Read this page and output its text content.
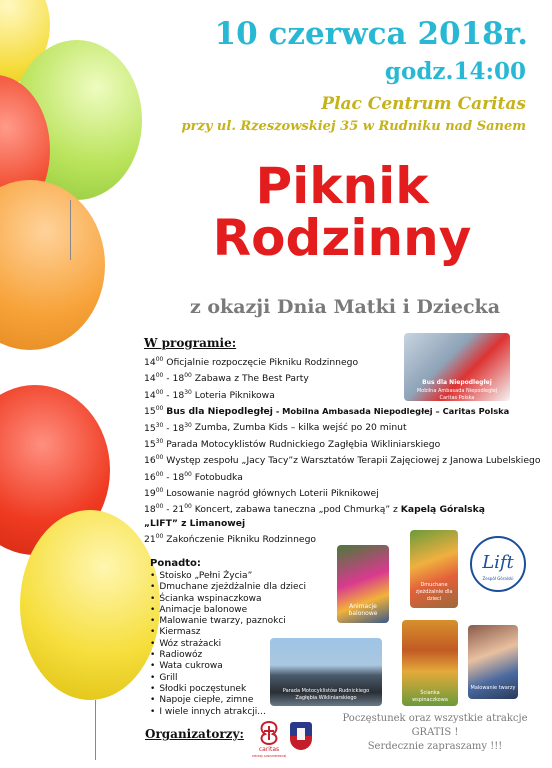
10 czerwca 2018r.
godz.14:00
Plac Centrum Caritas
przy ul. Rzeszowskiej 35 w Rudniku nad Sanem
Piknik
Rodzinny
z okazji Dnia Matki i Dziecka
Bus dla Niepodległej
Mobilna Ambasada Niepodległej Caritas Polska
W programie:
$14^{00}$ Oficjalnie rozpoczęcie Pikniku Rodzinnego
$14^{00} - 18^{00}$ Zabawa z The Best Party
$14^{00} - 18^{30}$ Loteria Piknikowa
$15^{00}$ Bus dla Niepodległej - Mobilna Ambasada Niepodległej – Caritas Polska
$15^{30} - 18^{30}$ Zumba, Zumba Kids – kilka wejść po 20 minut
$15^{30}$ Parada Motocyklistów Rudnickiego Zagłębia Wikliniarskiego
$16^{00}$ Występ zespołu „Jacy Tacy”z Warsztatów Terapii Zajęciowej z Janowa Lubelskiego
$16^{00} - 18^{00}$ Fotobudka
$19^{00}$ Losowanie nagród głównych Loterii Piknikowej
$18^{00} - 21^{00}$ Koncert, zabawa taneczna „pod Chmurką” z Kapelą Góralską
„LIFT” z Limanowej
$21^{00}$ Zakończenie Pikniku Rodzinnego
Ponadto:
• Stoisko „Pełni Życia”
• Dmuchane zjeżdżalnie dla dzieci
• Ścianka wspinaczkowa
• Animacje balonowe
• Malowanie twarzy, paznokci
• Kiermasz
• Wóz strażacki
• Radiowóz
• Wata cukrowa
• Grill
• Słodki poczęstunek
• Napoje ciepłe, zimne
• I wiele innych atrakcji...
Animacje balonowe
Dmuchane zjeżdżalnie dla dzieci
Lift
Zespół Góralski
Parada Motocyklistów Rudnickiego Zagłębia Wikliniarskiego
Ścianka wspinaczkowa
Malowanie twarzy
Organizatorzy:
caritas
DIECEZJI SANDOMIERSKIEJ
Poczęstunek oraz wszystkie atrakcje
GRATIS !
Serdecznie zapraszamy !!!
